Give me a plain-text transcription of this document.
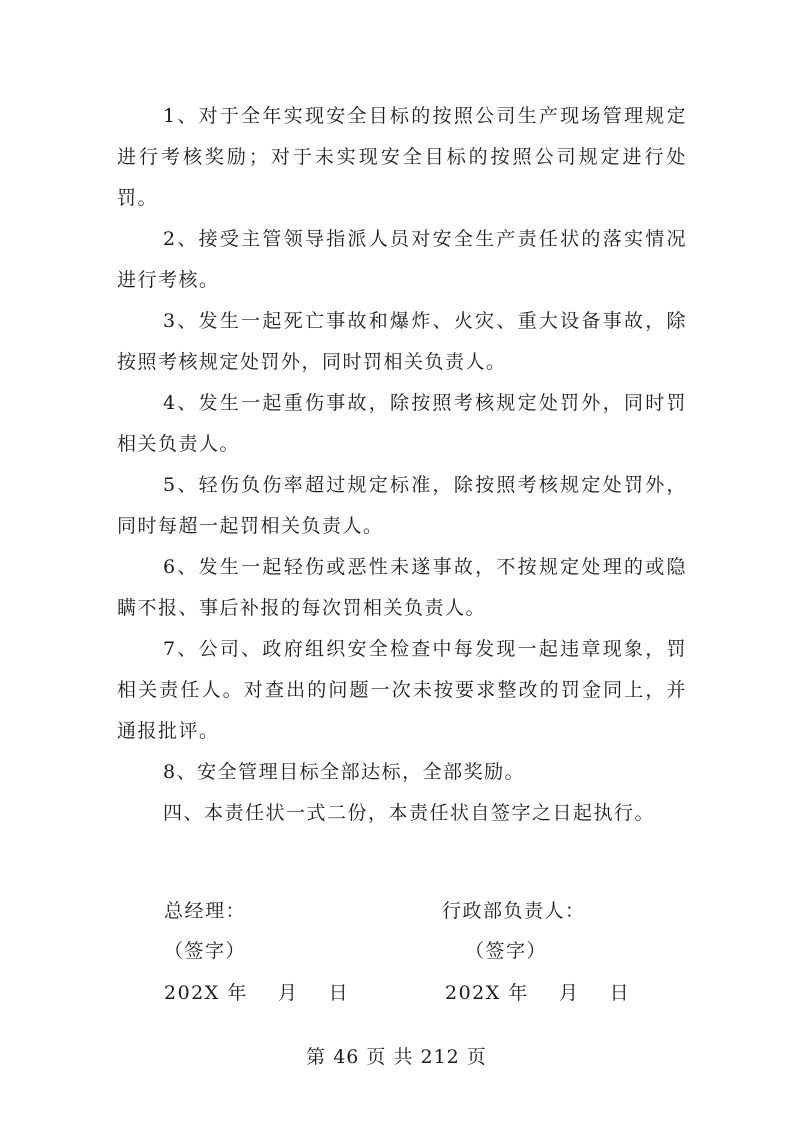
1、对于全年实现安全目标的按照公司生产现场管理规定进行考核奖励；对于未实现安全目标的按照公司规定进行处罚。

2、接受主管领导指派人员对安全生产责任状的落实情况进行考核。

3、发生一起死亡事故和爆炸、火灾、重大设备事故，除按照考核规定处罚外，同时罚相关负责人。

4、发生一起重伤事故，除按照考核规定处罚外，同时罚相关负责人。

5、轻伤负伤率超过规定标准，除按照考核规定处罚外，同时每超一起罚相关负责人。

6、发生一起轻伤或恶性未遂事故，不按规定处理的或隐瞒不报、事后补报的每次罚相关负责人。

7、公司、政府组织安全检查中每发现一起违章现象，罚相关责任人。对查出的问题一次未按要求整改的罚金同上，并通报批评。

8、安全管理目标全部达标，全部奖励。

四、本责任状一式二份，本责任状自签字之日起执行。

总经理：
（签字）
202X 年    月    日
行政部负责人：
（签字）
202X 年    月    日
第 46 页 共 212 页
